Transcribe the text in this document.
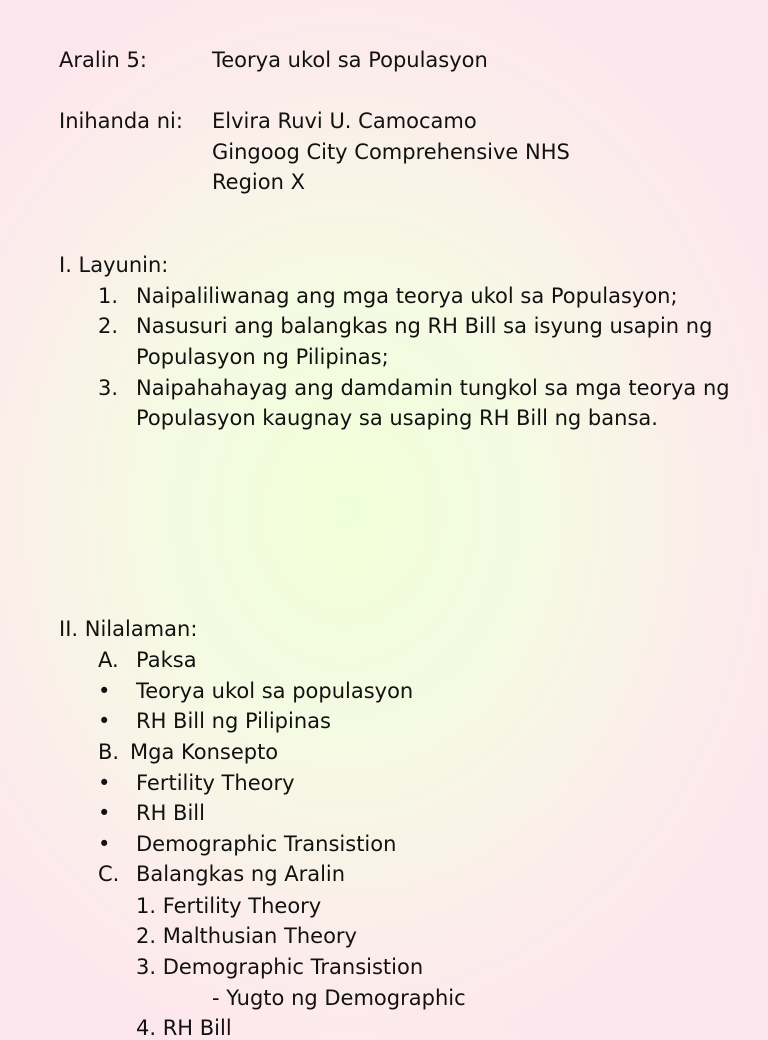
Aralin 5:	Teorya ukol sa Populasyon
Inihanda ni: Elvira Ruvi U. Camocamo
Gingoog City Comprehensive NHS
Region X
I. Layunin:
1. Naipaliliwanag ang mga teorya ukol sa Populasyon;
2. Nasusuri ang balangkas ng RH Bill sa isyung usapin ng
Populasyon ng Pilipinas;
3. Naipahahayag ang damdamin tungkol sa mga teorya ng
Populasyon kaugnay sa usaping RH Bill ng bansa.
II. Nilalaman:
A. Paksa
• Teorya ukol sa populasyon
• RH Bill ng Pilipinas
B. Mga Konsepto
• Fertility Theory
• RH Bill
• Demographic Transistion
C. Balangkas ng Aralin
1. Fertility Theory
2. Malthusian Theory
3. Demographic Transistion
- Yugto ng Demographic
4. RH Bill
